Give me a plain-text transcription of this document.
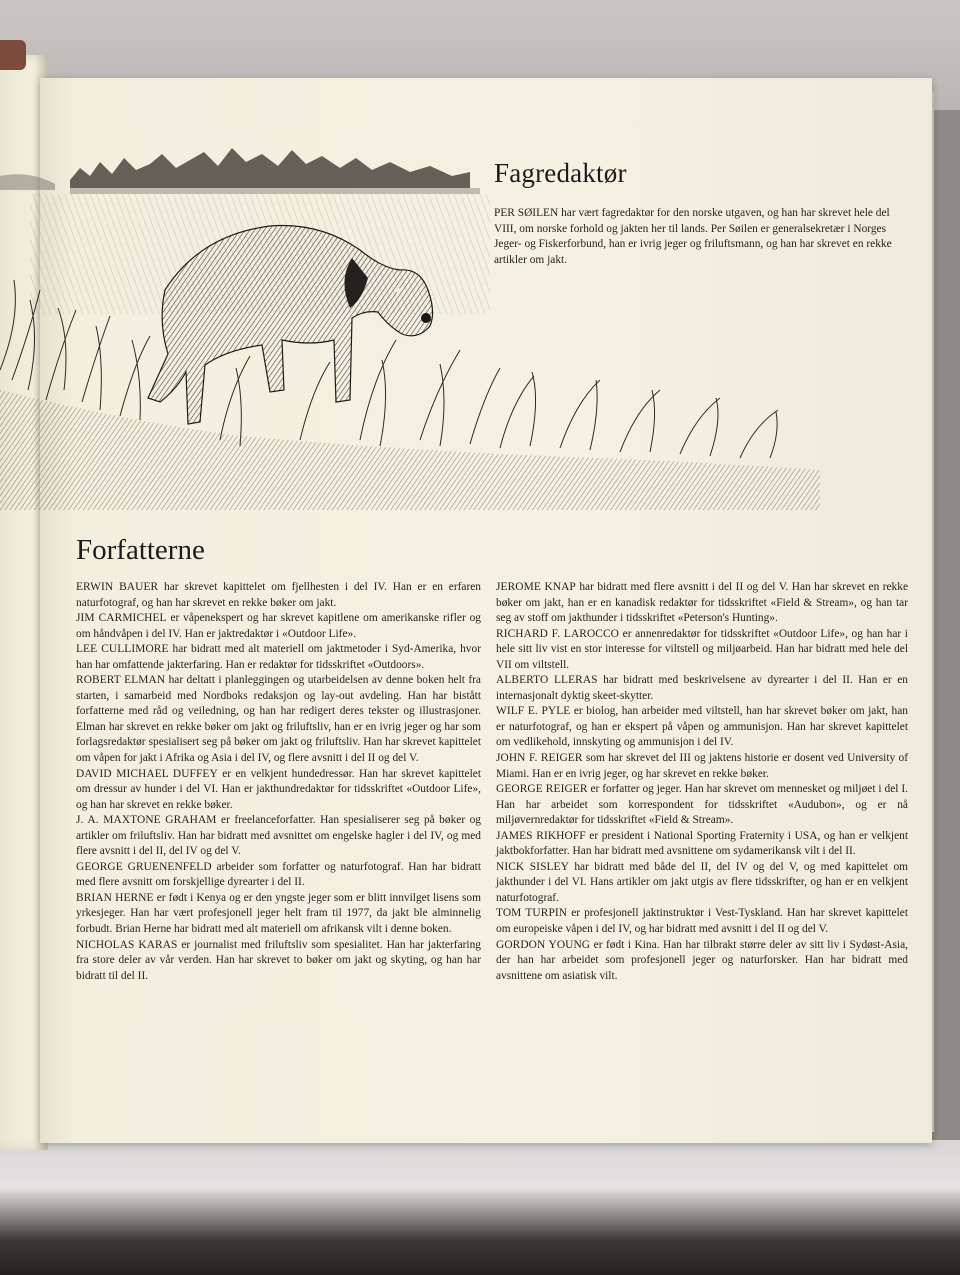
Fagredaktør

PER SØILEN har vært fagredaktør for den norske utgaven, og han har skrevet hele del VIII, om norske forhold og jakten her til lands. Per Søilen er generalsekretær i Norges Jeger- og Fiskerforbund, han er ivrig jeger og friluftsmann, og han har skrevet en rekke artikler om jakt.

Forfatterne

ERWIN BAUER har skrevet kapittelet om fjellhesten i del IV. Han er en erfaren naturfotograf, og han har skrevet en rekke bøker om jakt.

JIM CARMICHEL er våpenekspert og har skrevet kapitlene om amerikanske rifler og om håndvåpen i del IV. Han er jaktredaktør i «Outdoor Life».

LEE CULLIMORE har bidratt med alt materiell om jaktmetoder i Syd-Amerika, hvor han har omfattende jakterfaring. Han er redaktør for tidsskriftet «Outdoors».

ROBERT ELMAN har deltatt i planleggingen og utarbeidelsen av denne boken helt fra starten, i samarbeid med Nordboks redaksjon og lay-out avdeling. Han har bistått forfatterne med råd og veiledning, og han har redigert deres tekster og illustrasjoner. Elman har skrevet en rekke bøker om jakt og friluftsliv, han er en ivrig jeger og har som forlagsredaktør spesialisert seg på bøker om jakt og friluftsliv. Han har skrevet kapittelet om våpen for jakt i Afrika og Asia i del IV, og flere avsnitt i del II og del V.

DAVID MICHAEL DUFFEY er en velkjent hundedressør. Han har skrevet kapittelet om dressur av hunder i del VI. Han er jakthundredaktør for tidsskriftet «Outdoor Life», og han har skrevet en rekke bøker.

J. A. MAXTONE GRAHAM er freelanceforfatter. Han spesialiserer seg på bøker og artikler om friluftsliv. Han har bidratt med avsnittet om engelske hagler i del IV, og med flere avsnitt i del II, del IV og del V.

GEORGE GRUENENFELD arbeider som forfatter og naturfotograf. Han har bidratt med flere avsnitt om forskjellige dyrearter i del II.

BRIAN HERNE er født i Kenya og er den yngste jeger som er blitt innvilget lisens som yrkesjeger. Han har vært profesjonell jeger helt fram til 1977, da jakt ble alminnelig forbudt. Brian Herne har bidratt med alt materiell om afrikansk vilt i denne boken.

NICHOLAS KARAS er journalist med friluftsliv som spesialitet. Han har jakterfaring fra store deler av vår verden. Han har skrevet to bøker om jakt og skyting, og han har bidratt til del II.

JEROME KNAP har bidratt med flere avsnitt i del II og del V. Han har skrevet en rekke bøker om jakt, han er en kanadisk redaktør for tidsskriftet «Field & Stream», og han tar seg av stoff om jakthunder i tidsskriftet «Peterson's Hunting».

RICHARD F. LAROCCO er annenredaktør for tidsskriftet «Outdoor Life», og han har i hele sitt liv vist en stor interesse for viltstell og miljøarbeid. Han har bidratt med hele del VII om viltstell.

ALBERTO LLERAS har bidratt med beskrivelsene av dyrearter i del II. Han er en internasjonalt dyktig skeet-skytter.

WILF E. PYLE er biolog, han arbeider med viltstell, han har skrevet bøker om jakt, han er naturfotograf, og han er ekspert på våpen og ammunisjon. Han har skrevet kapittelet om vedlikehold, innskyting og ammunisjon i del IV.

JOHN F. REIGER som har skrevet del III og jaktens historie er dosent ved University of Miami. Han er en ivrig jeger, og har skrevet en rekke bøker.

GEORGE REIGER er forfatter og jeger. Han har skrevet om mennesket og miljøet i del I. Han har arbeidet som korrespondent for tidsskriftet «Audubon», og er nå miljøvernredaktør for tidsskriftet «Field & Stream».

JAMES RIKHOFF er president i National Sporting Fraternity i USA, og han er velkjent jaktbokforfatter. Han har bidratt med avsnittene om sydamerikansk vilt i del II.

NICK SISLEY har bidratt med både del II, del IV og del V, og med kapittelet om jakthunder i del VI. Hans artikler om jakt utgis av flere tidsskrifter, og han er en velkjent naturfotograf.

TOM TURPIN er profesjonell jaktinstruktør i Vest-Tyskland. Han har skrevet kapittelet om europeiske våpen i del IV, og har bidratt med avsnitt i del II og del V.

GORDON YOUNG er født i Kina. Han har tilbrakt større deler av sitt liv i Sydøst-Asia, der han har arbeidet som profesjonell jeger og naturforsker. Han har bidratt med avsnittene om asiatisk vilt.
